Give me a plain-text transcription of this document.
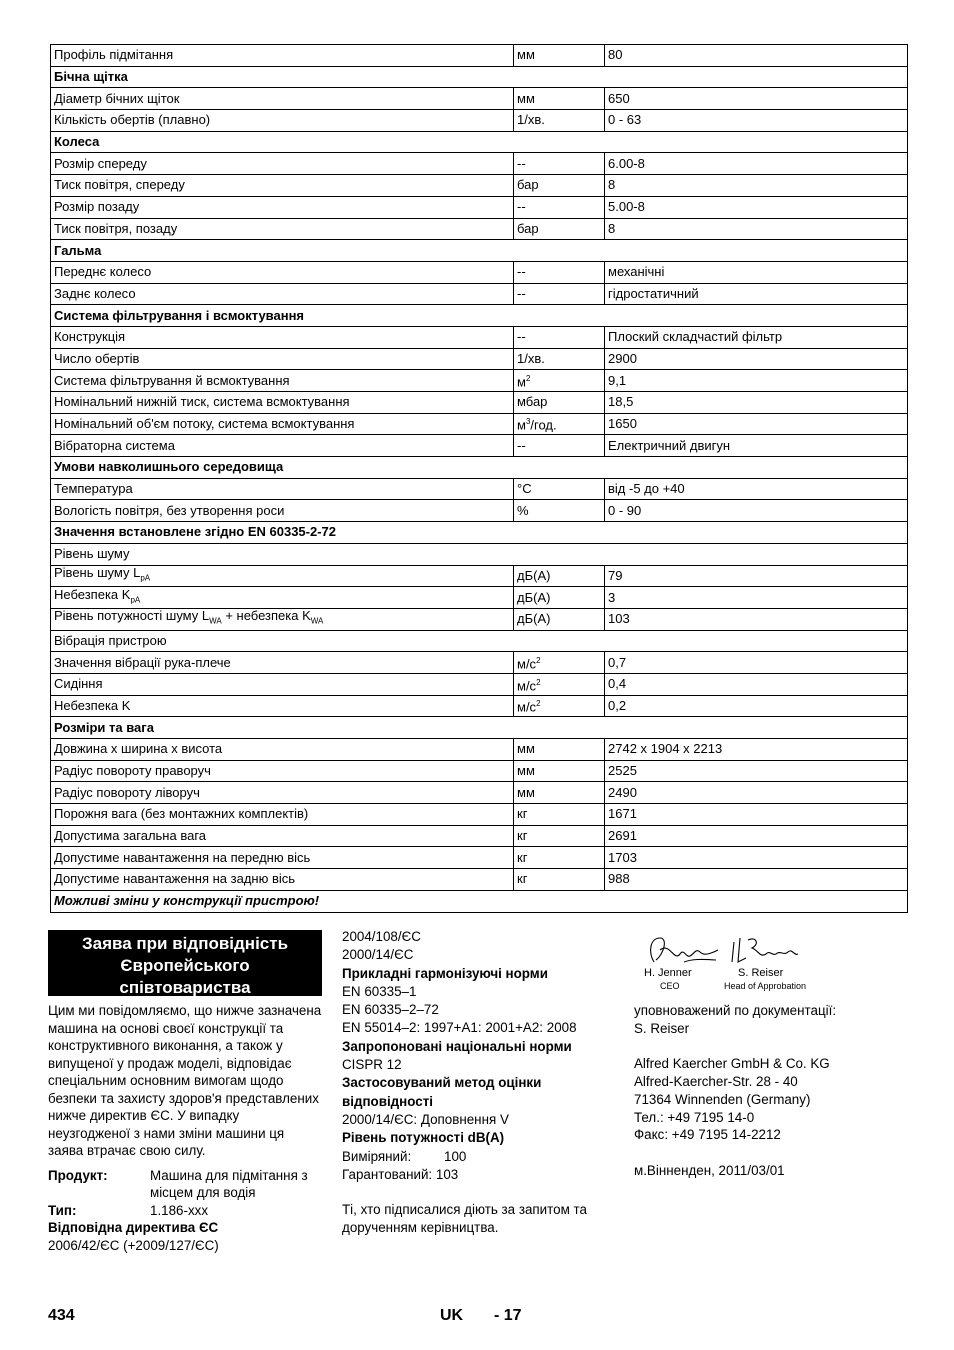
Профіль підмітання	мм	80
Бічна щітка		
Діаметр бічних щіток	мм	650
Кількість обертів (плавно)	1/хв.	0 - 63
Колеса		
Розмір спереду	--	6.00-8
Тиск повітря, спереду	бар	8
Розмір позаду	--	5.00-8
Тиск повітря, позаду	бар	8
Гальма		
Переднє колесо	--	механічні
Заднє колесо	--	гідростатичний
Система фільтрування і всмоктування		
Конструкція	--	Плоский складчастий фільтр
Число обертів	1/хв.	2900
Система фільтрування й всмоктування	$м^2$	9,1
Номінальний нижній тиск, система всмоктування	мбар	18,5
Номінальний об'єм потоку, система всмоктування	$м^3$/год.	1650
Вібраторна система	--	Електричний двигун
Умови навколишнього середовища		
Температура	°C	від -5 до +40
Вологість повітря, без утворення роси	%	0 - 90
Значення встановлене згідно EN 60335-2-72		
Рівень шуму		
Рівень шуму $L_{pA}$	дБ(А)	79
Небезпека $K_{pA}$	дБ(А)	3
Рівень потужності шуму $L_{WA}$ + небезпека $K_{WA}$	дБ(А)	103
Вібрація пристрою		
Значення вібрації рука-плече	$м/с^2$	0,7
Сидіння	$м/с^2$	0,4
Небезпека K	$м/с^2$	0,2
Розміри та вага		
Довжина х ширина х висота	мм	2742 x 1904 x 2213
Радіус повороту праворуч	мм	2525
Радіус повороту ліворуч	мм	2490
Порожня вага (без монтажних комплектів)	кг	1671
Допустима загальна вага	кг	2691
Допустиме навантаження на передню вісь	кг	1703
Допустиме навантаження на задню вісь	кг	988
Можливі зміни у конструкції пристрою!		
Заява при відповідність
Європейського
співтовариства
Цим ми повідомляємо, що нижче зазначена машина на основі своєї конструкції та конструктивного виконання, а також у випущеної у продаж моделі, відповідає спеціальним основним вимогам щодо безпеки та захисту здоров'я представлених нижче директив ЄС. У випадку неузгодженої з нами зміни машини ця заява втрачає свою силу.
Продукт:	Машина для підмітання з місцем для водія
Тип:	1.186-xxx
Відповідна директива ЄС
2006/42/ЄС (+2009/127/ЄС)
2004/108/ЄС
2000/14/ЄС
Прикладні гармонізуючі норми
EN 60335–1
EN 60335–2–72
EN 55014–2: 1997+A1: 2001+A2: 2008
Запропоновані національні норми
CISPR 12
Застосовуваний метод оцінки відповідності
2000/14/ЄС: Доповнення V
Рівень потужності dB(A)
Виміряний:	100
Гарантований: 103
Ті, хто підписалися діють за запитом та дорученням керівництва.
H. Jenner
CEO
S. Reiser
Head of Approbation

уповноважений по документації:

S. Reiser

Alfred Kaercher GmbH & Co. KG

Alfred-Kaercher-Str. 28 - 40

71364 Winnenden (Germany)

Тел.: +49 7195 14-0

Факс: +49 7195 14-2212

м.Вінненден, 2011/03/01

434	UK - 17
